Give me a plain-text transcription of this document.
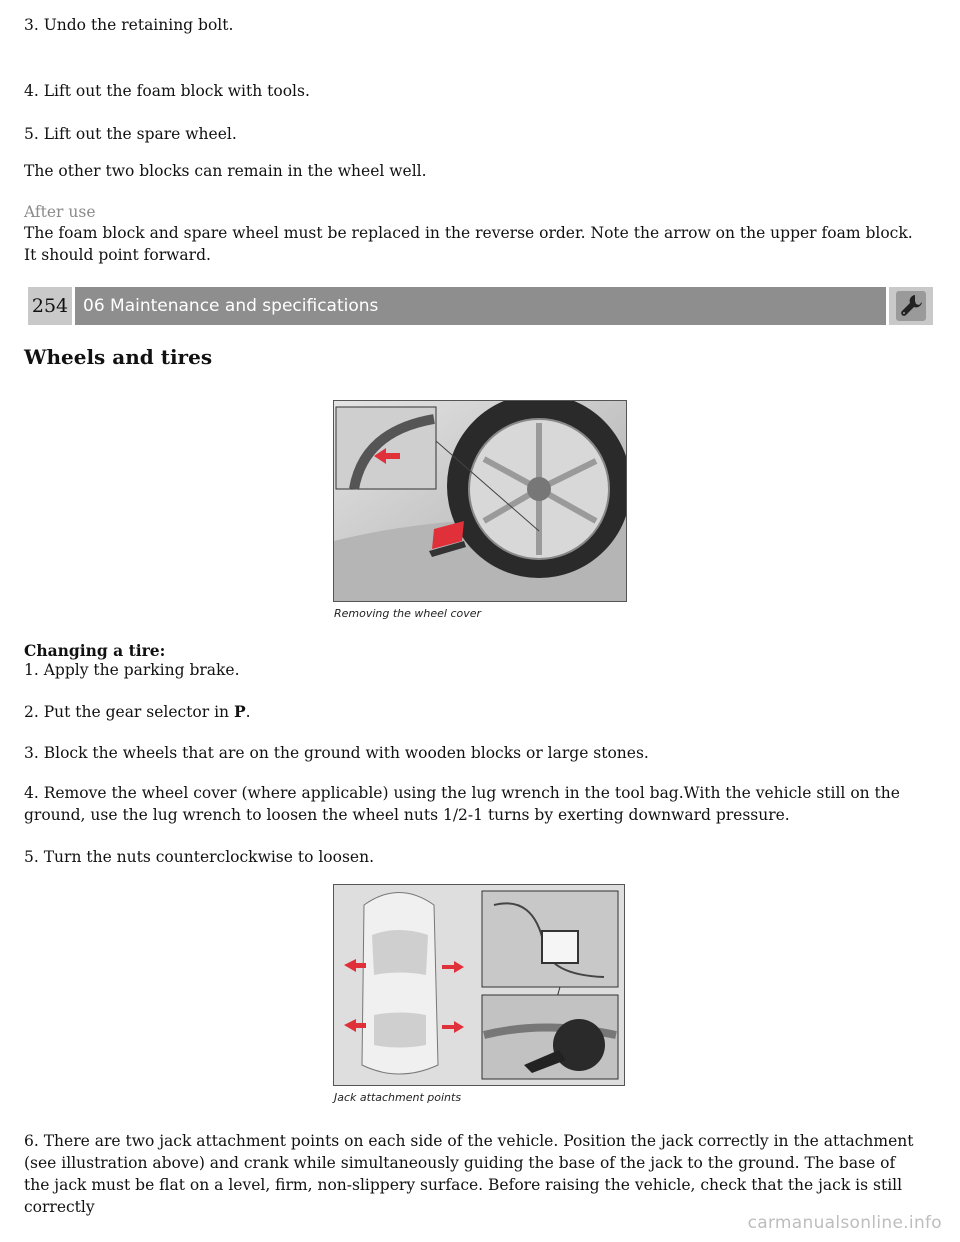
3. Undo the retaining bolt.

4. Lift out the foam block with tools.

5. Lift out the spare wheel.

The other two blocks can remain in the wheel well.

After use

The foam block and spare wheel must be replaced in the reverse order. Note the arrow on the upper foam block. It should point forward.

254 06 Maintenance and specifications
Wheels and tires
Removing the wheel cover

Changing a tire:

1. Apply the parking brake.

2. Put the gear selector in P.

3. Block the wheels that are on the ground with wooden blocks or large stones.

4. Remove the wheel cover (where applicable) using the lug wrench in the tool bag.With the vehicle still on the ground, use the lug wrench to loosen the wheel nuts 1/2-1 turns by exerting downward pressure.

5. Turn the nuts counterclockwise to loosen.

Jack attachment points

6. There are two jack attachment points on each side of the vehicle. Position the jack correctly in the attachment (see illustration above) and crank while simultaneously guiding the base of the jack to the ground. The base of the jack must be flat on a level, firm, non-slippery surface. Before raising the vehicle, check that the jack is still correctly

carmanualsonline.info
